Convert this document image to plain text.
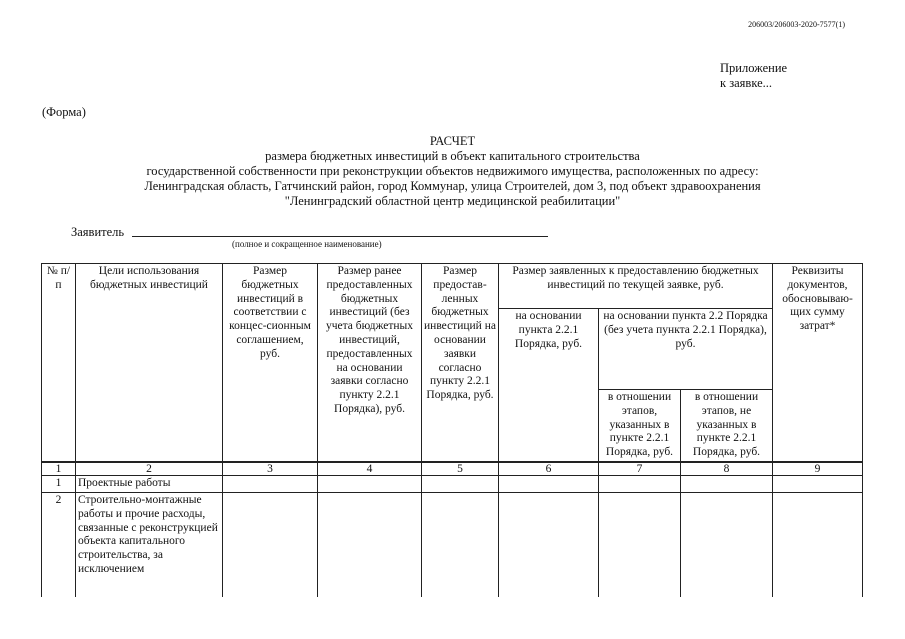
206003/206003-2020-7577(1)
Приложение
к заявке...
(Форма)
РАСЧЕТ
размера бюджетных инвестиций в объект капитального строительства
государственной собственности при реконструкции объектов недвижимого имущества, расположенных по адресу:
Ленинградская область, Гатчинский район, город Коммунар, улица Строителей, дом 3, под объект здравоохранения
"Ленинградский областной центр медицинской реабилитации"
Заявитель
(полное и сокращенное наименование)
№ п/п	Цели использования бюджетных инвестиций	Размер бюджетных инвестиций в соответствии с концес-сионным соглашением, руб.	Размер ранее предоставленных бюджетных инвестиций (без учета бюджетных инвестиций, предоставленных на основании заявки согласно пункту 2.2.1 Порядка), руб.	Размер предостав-ленных бюджетных инвестиций на основании заявки согласно пункту 2.2.1 Порядка, руб.	Размер заявленных к предоставлению бюджетных инвестиций по текущей заявке, руб.			Реквизиты документов, обосновываю-щих сумму затрат*
					на основании пункта 2.2.1 Порядка, руб.	на основании пункта 2.2 Порядка (без учета пункта 2.2.1 Порядка), руб.		
						в отношении этапов, указанных в пункте 2.2.1 Порядка, руб.	в отношении этапов, не указанных в пункте 2.2.1 Порядка, руб.	
1	2	3	4	5	6	7	8	9
1	Проектные работы							
2	Строительно-монтажные работы и прочие расходы, связанные с реконструкцией объекта капитального строительства, за исключением							
